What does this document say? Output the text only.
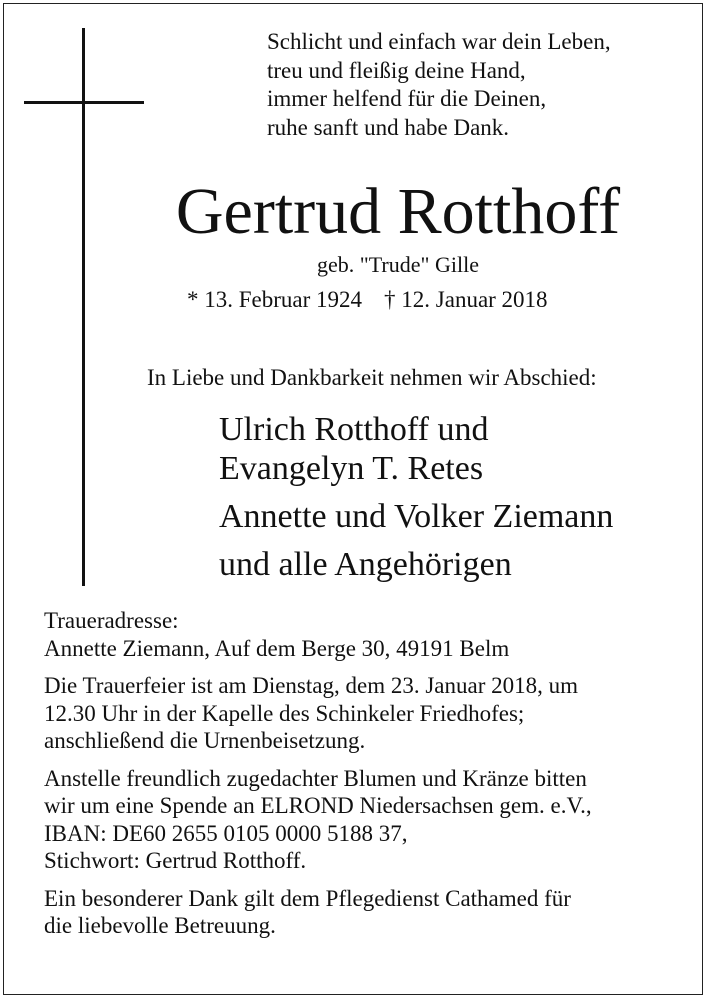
Schlicht und einfach war dein Leben,
treu und fleißig deine Hand,
immer helfend für die Deinen,
ruhe sanft und habe Dank.
Gertrud Rotthoff
geb. "Trude" Gille
* 13. Februar 1924 † 12. Januar 2018
In Liebe und Dankbarkeit nehmen wir Abschied:
Ulrich Rotthoff und
Evangelyn T. Retes
Annette und Volker Ziemann
und alle Angehörigen
Traueradresse:
Annette Ziemann, Auf dem Berge 30, 49191 Belm
Die Trauerfeier ist am Dienstag, dem 23. Januar 2018, um
12.30 Uhr in der Kapelle des Schinkeler Friedhofes;
anschließend die Urnenbeisetzung.
Anstelle freundlich zugedachter Blumen und Kränze bitten
wir um eine Spende an ELROND Niedersachsen gem. e.V.,
IBAN: DE60 2655 0105 0000 5188 37,
Stichwort: Gertrud Rotthoff.
Ein besonderer Dank gilt dem Pflegedienst Cathamed für
die liebevolle Betreuung.
